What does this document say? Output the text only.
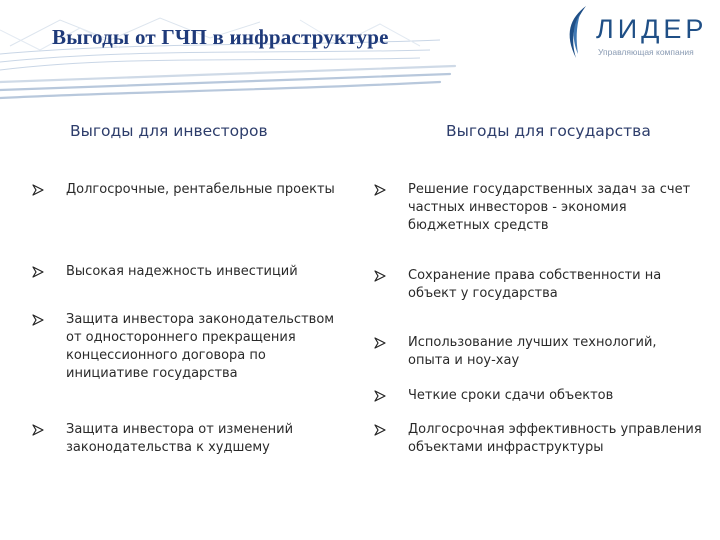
Выгоды от ГЧП в инфраструктуре	ЛИДЕР
Управляющая компания
Выгоды для инвесторов	Выгоды для государства
Долгосрочные, рентабельные проекты
Высокая надежность инвестиций
Защита инвестора законодательством от одностороннего прекращения концессионного договора по инициативе государства
Защита инвестора от изменений законодательства к худшему
Решение государственных задач за счет частных инвесторов - экономия бюджетных средств
Сохранение права собственности на объект у государства
Использование лучших технологий, опыта и ноу-хау
Четкие сроки сдачи объектов
Долгосрочная эффективность управления объектами инфраструктуры
